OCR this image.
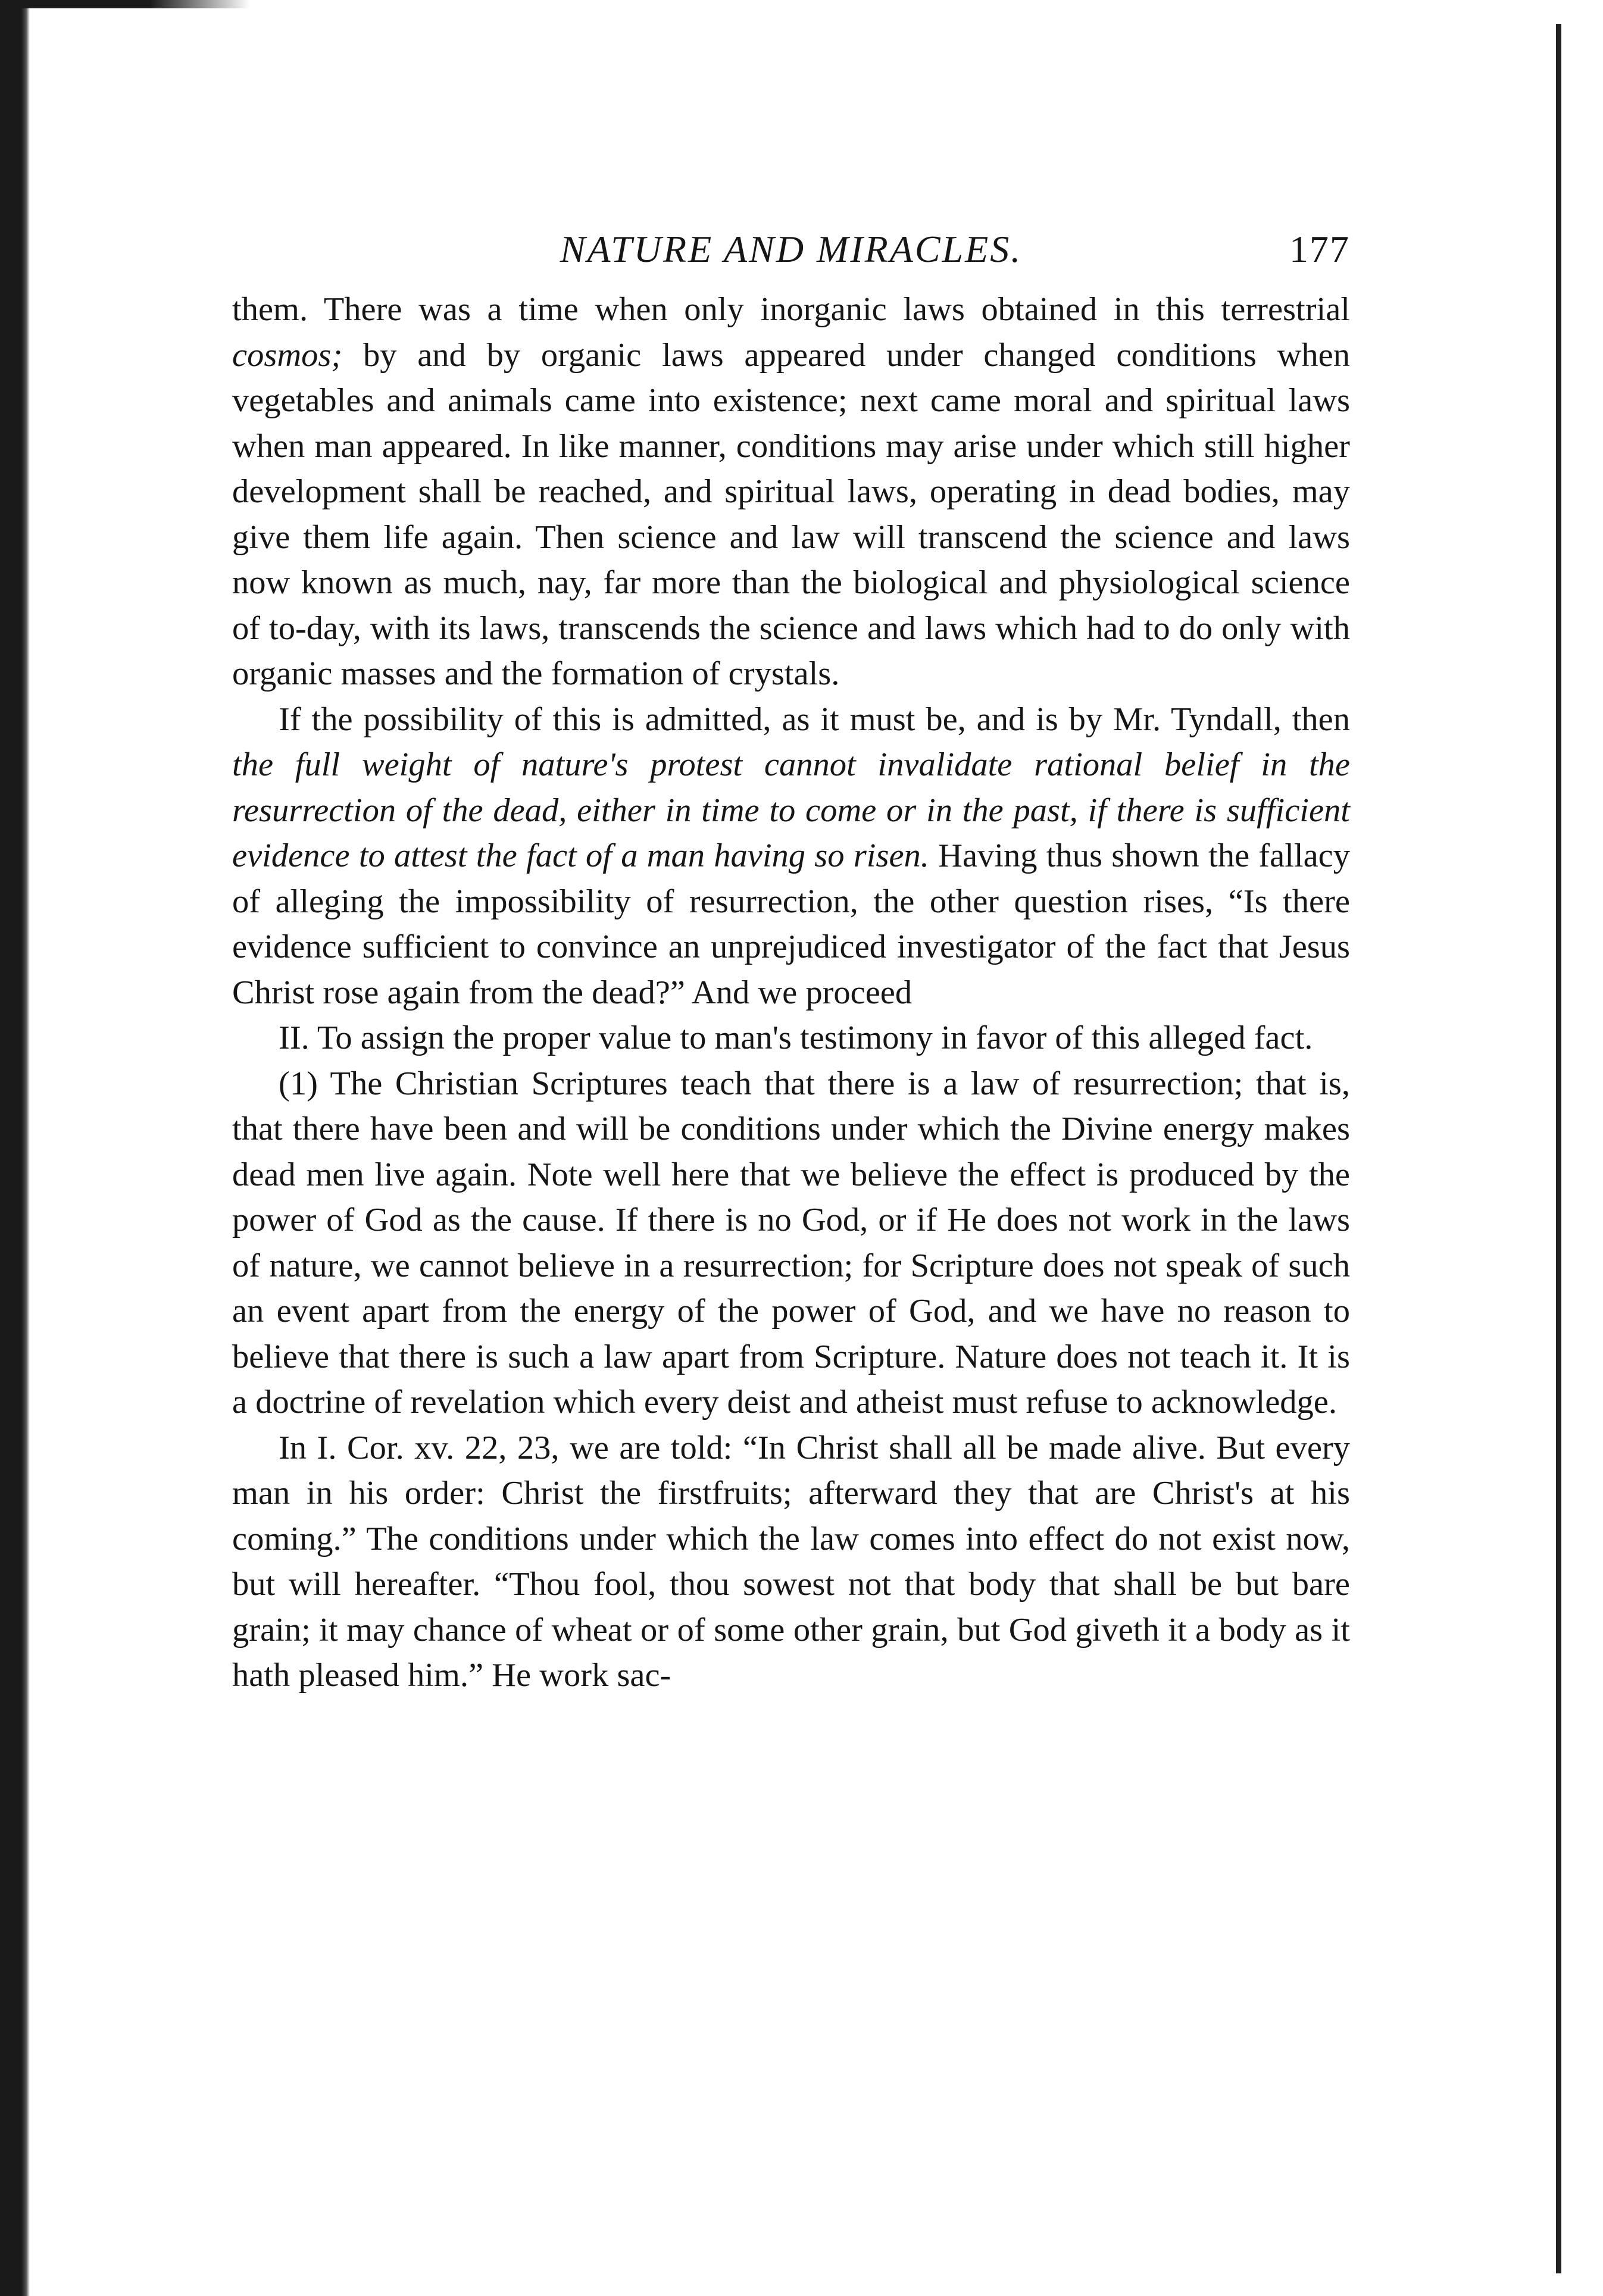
NATURE AND MIRACLES.	177

them. There was a time when only inorganic laws obtained in this terrestrial cosmos; by and by organic laws appeared under changed conditions when vegetables and animals came into existence; next came moral and spiritual laws when man appeared. In like manner, conditions may arise under which still higher development shall be reached, and spiritual laws, operating in dead bodies, may give them life again. Then science and law will transcend the science and laws now known as much, nay, far more than the biological and physiological science of to-day, with its laws, transcends the science and laws which had to do only with organic masses and the formation of crystals.

If the possibility of this is admitted, as it must be, and is by Mr. Tyndall, then the full weight of nature's protest cannot invalidate rational belief in the resurrection of the dead, either in time to come or in the past, if there is sufficient evidence to attest the fact of a man having so risen. Having thus shown the fallacy of alleging the impossibility of resurrection, the other question rises, “Is there evidence sufficient to convince an unprejudiced investigator of the fact that Jesus Christ rose again from the dead?” And we proceed

II. To assign the proper value to man's testimony in favor of this alleged fact.

(1) The Christian Scriptures teach that there is a law of resurrection; that is, that there have been and will be conditions under which the Divine energy makes dead men live again. Note well here that we believe the effect is produced by the power of God as the cause. If there is no God, or if He does not work in the laws of nature, we cannot believe in a resurrection; for Scripture does not speak of such an event apart from the energy of the power of God, and we have no reason to believe that there is such a law apart from Scripture. Nature does not teach it. It is a doctrine of revelation which every deist and atheist must refuse to acknowledge.

In I. Cor. xv. 22, 23, we are told: “In Christ shall all be made alive. But every man in his order: Christ the firstfruits; afterward they that are Christ's at his coming.” The conditions under which the law comes into effect do not exist now, but will hereafter. “Thou fool, thou sowest not that body that shall be but bare grain; it may chance of wheat or of some other grain, but God giveth it a body as it hath pleased him.” He work sac-
